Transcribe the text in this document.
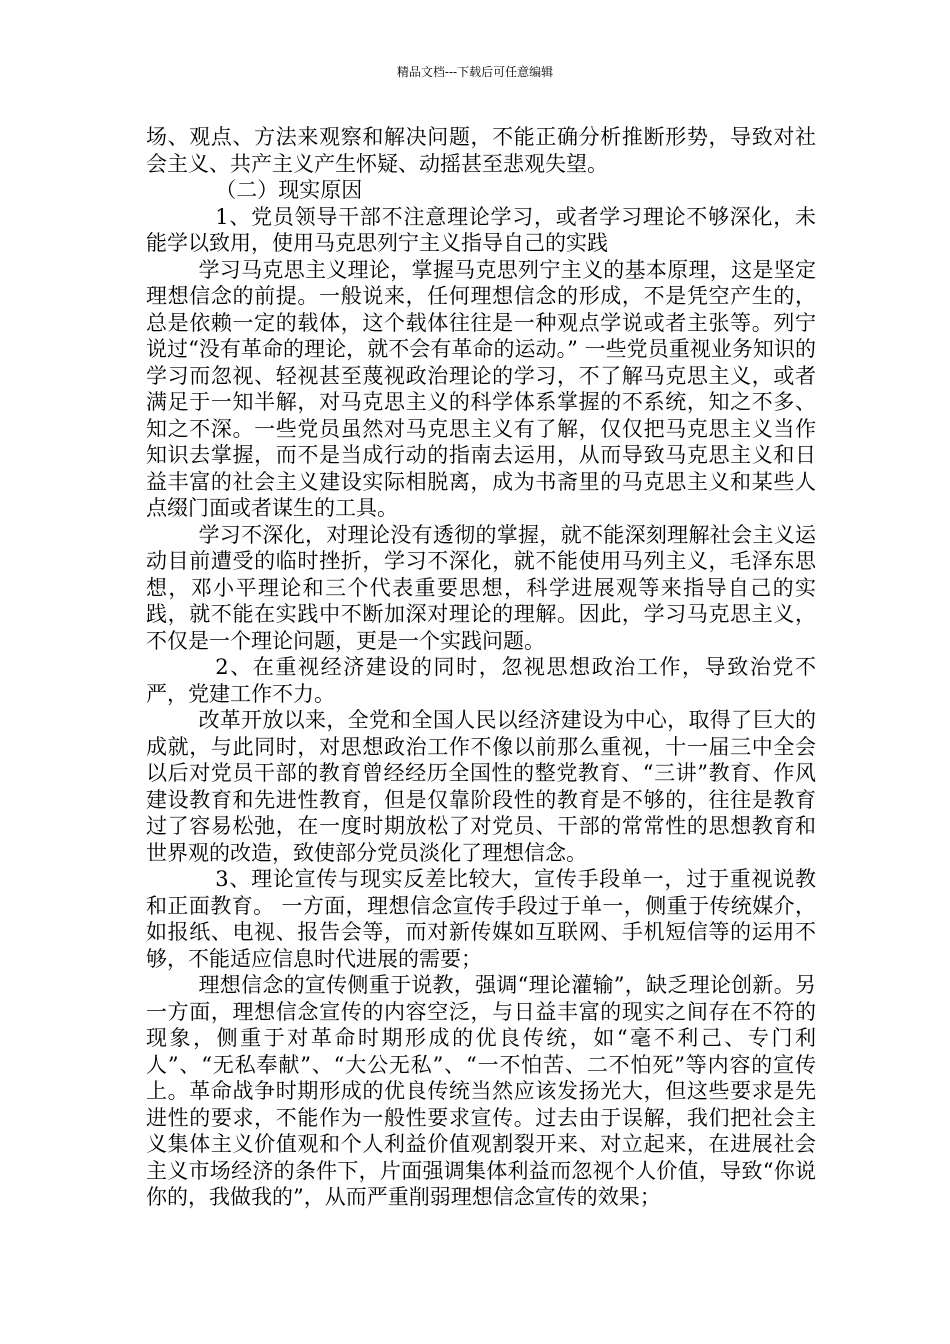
精品文档---下载后可任意编辑

场、观点、方法来观察和解决问题，不能正确分析推断形势，导致对社会主义、共产主义产生怀疑、动摇甚至悲观失望。

（二）现实原因

1、党员领导干部不注意理论学习，或者学习理论不够深化，未能学以致用，使用马克思列宁主义指导自己的实践

学习马克思主义理论，掌握马克思列宁主义的基本原理，这是坚定理想信念的前提。一般说来，任何理想信念的形成，不是凭空产生的，总是依赖一定的载体，这个载体往往是一种观点学说或者主张等。列宁说过“没有革命的理论，就不会有革命的运动。” 一些党员重视业务知识的学习而忽视、轻视甚至蔑视政治理论的学习，不了解马克思主义，或者满足于一知半解，对马克思主义的科学体系掌握的不系统，知之不多、知之不深。一些党员虽然对马克思主义有了解，仅仅把马克思主义当作知识去掌握，而不是当成行动的指南去运用，从而导致马克思主义和日益丰富的社会主义建设实际相脱离，成为书斋里的马克思主义和某些人点缀门面或者谋生的工具。

学习不深化，对理论没有透彻的掌握，就不能深刻理解社会主义运动目前遭受的临时挫折，学习不深化，就不能使用马列主义，毛泽东思想，邓小平理论和三个代表重要思想，科学进展观等来指导自己的实践，就不能在实践中不断加深对理论的理解。因此，学习马克思主义，不仅是一个理论问题，更是一个实践问题。

2、在重视经济建设的同时，忽视思想政治工作，导致治党不严，党建工作不力。

改革开放以来，全党和全国人民以经济建设为中心，取得了巨大的成就，与此同时，对思想政治工作不像以前那么重视，十一届三中全会以后对党员干部的教育曾经经历全国性的整党教育、“三讲”教育、作风建设教育和先进性教育，但是仅靠阶段性的教育是不够的，往往是教育过了容易松弛，在一度时期放松了对党员、干部的常常性的思想教育和世界观的改造，致使部分党员淡化了理想信念。

3、理论宣传与现实反差比较大，宣传手段单一，过于重视说教和正面教育。 一方面，理想信念宣传手段过于单一，侧重于传统媒介，如报纸、电视、报告会等，而对新传媒如互联网、手机短信等的运用不够，不能适应信息时代进展的需要；

理想信念的宣传侧重于说教，强调“理论灌输”，缺乏理论创新。另一方面，理想信念宣传的内容空泛，与日益丰富的现实之间存在不符的现象，侧重于对革命时期形成的优良传统，如“毫不利己、专门利人”、“无私奉献”、“大公无私”、“一不怕苦、二不怕死”等内容的宣传上。革命战争时期形成的优良传统当然应该发扬光大，但这些要求是先进性的要求，不能作为一般性要求宣传。过去由于误解，我们把社会主义集体主义价值观和个人利益价值观割裂开来、对立起来，在进展社会主义市场经济的条件下，片面强调集体利益而忽视个人价值，导致“你说你的，我做我的”，从而严重削弱理想信念宣传的效果；
